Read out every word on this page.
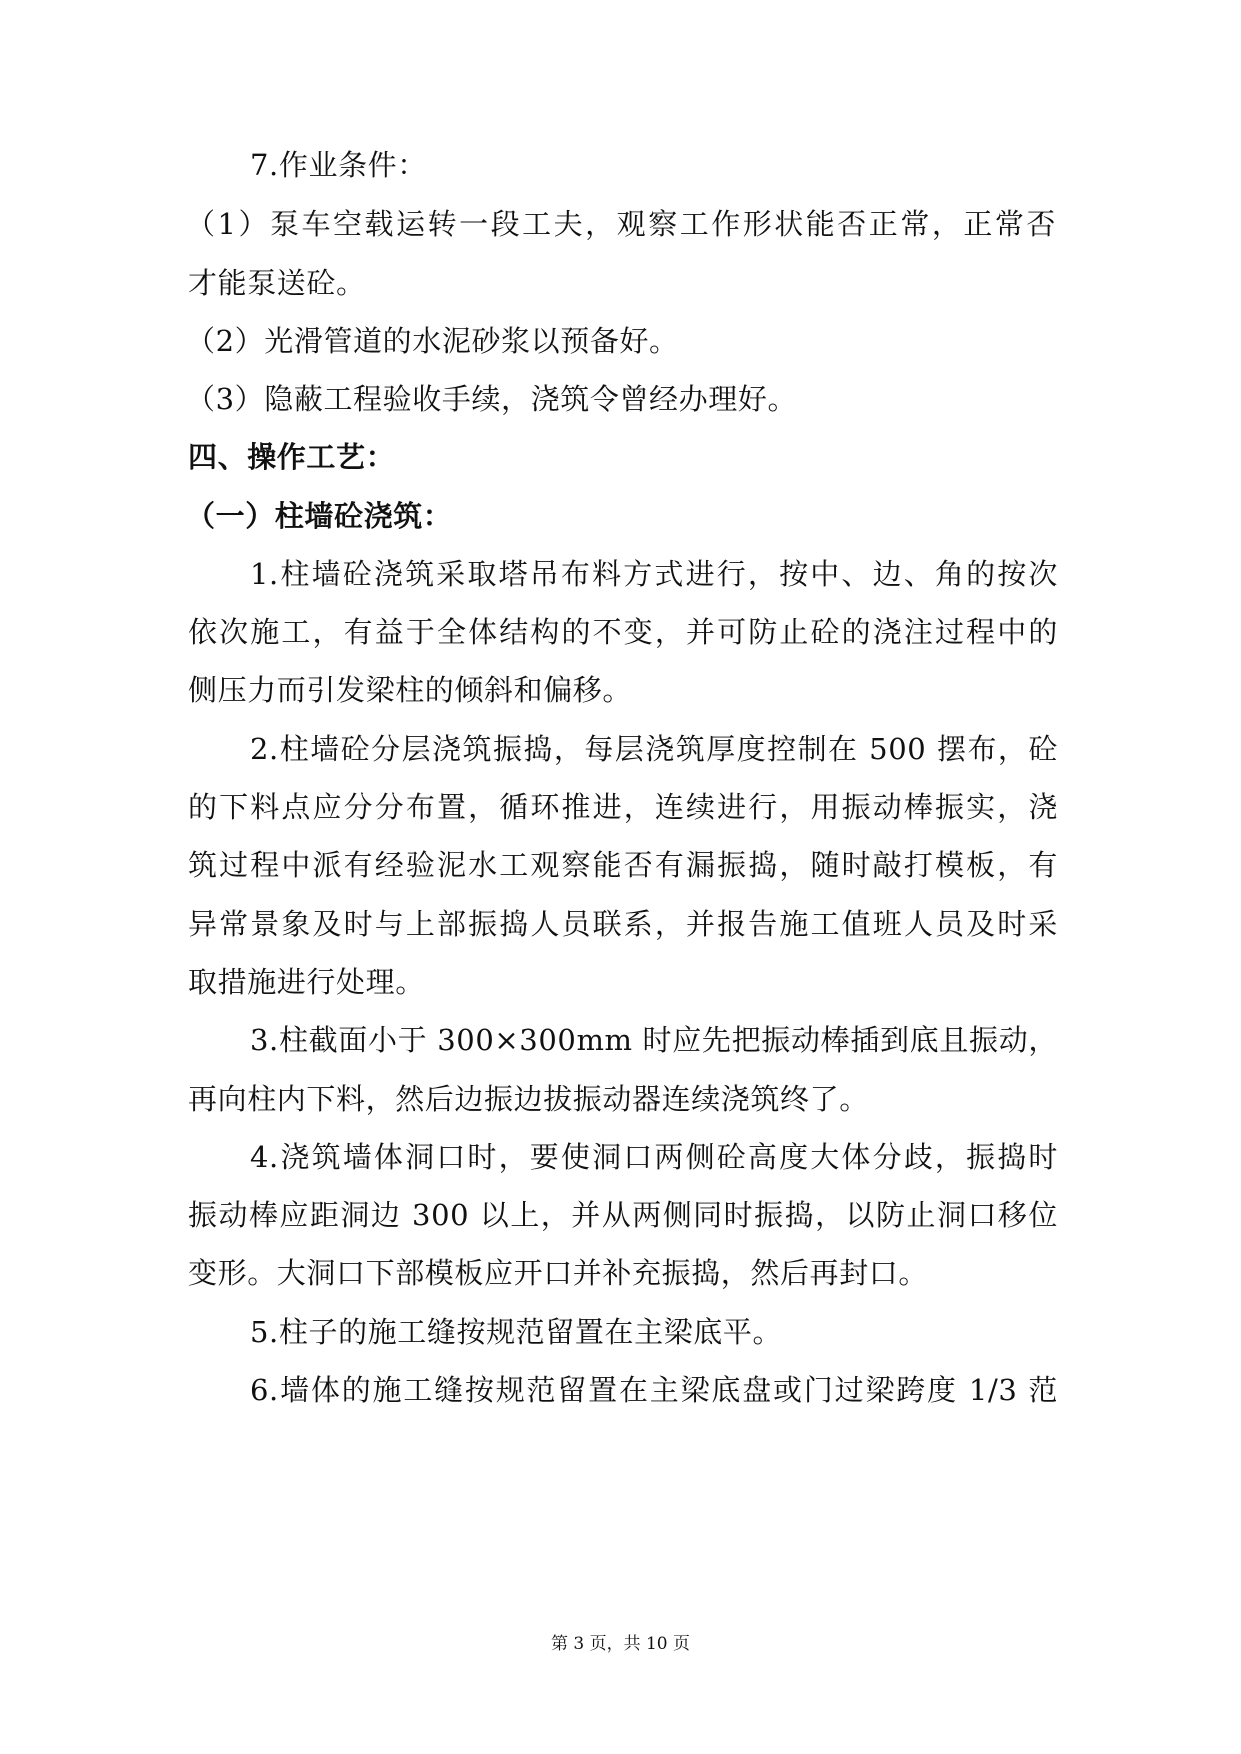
7.作业条件：
（1）泵车空载运转一段工夫，观察工作形状能否正常，正常否
才能泵送砼。
（2）光滑管道的水泥砂浆以预备好。
（3）隐蔽工程验收手续，浇筑令曾经办理好。
四、操作工艺：
（一）柱墙砼浇筑：
1.柱墙砼浇筑采取塔吊布料方式进行，按中、边、角的按次
依次施工，有益于全体结构的不变，并可防止砼的浇注过程中的
侧压力而引发梁柱的倾斜和偏移。
2.柱墙砼分层浇筑振捣，每层浇筑厚度控制在 500 摆布，砼
的下料点应分分布置，循环推进，连续进行，用振动棒振实，浇
筑过程中派有经验泥水工观察能否有漏振捣，随时敲打模板，有
异常景象及时与上部振捣人员联系，并报告施工值班人员及时采
取措施进行处理。
3.柱截面小于 300×300mm 时应先把振动棒插到底且振动，
再向柱内下料，然后边振边拔振动器连续浇筑终了。
4.浇筑墙体洞口时，要使洞口两侧砼高度大体分歧，振捣时
振动棒应距洞边 300 以上，并从两侧同时振捣，以防止洞口移位
变形。大洞口下部模板应开口并补充振捣，然后再封口。
5.柱子的施工缝按规范留置在主梁底平。
6.墙体的施工缝按规范留置在主梁底盘或门过梁跨度 1/3 范
第 3 页，共 10 页
